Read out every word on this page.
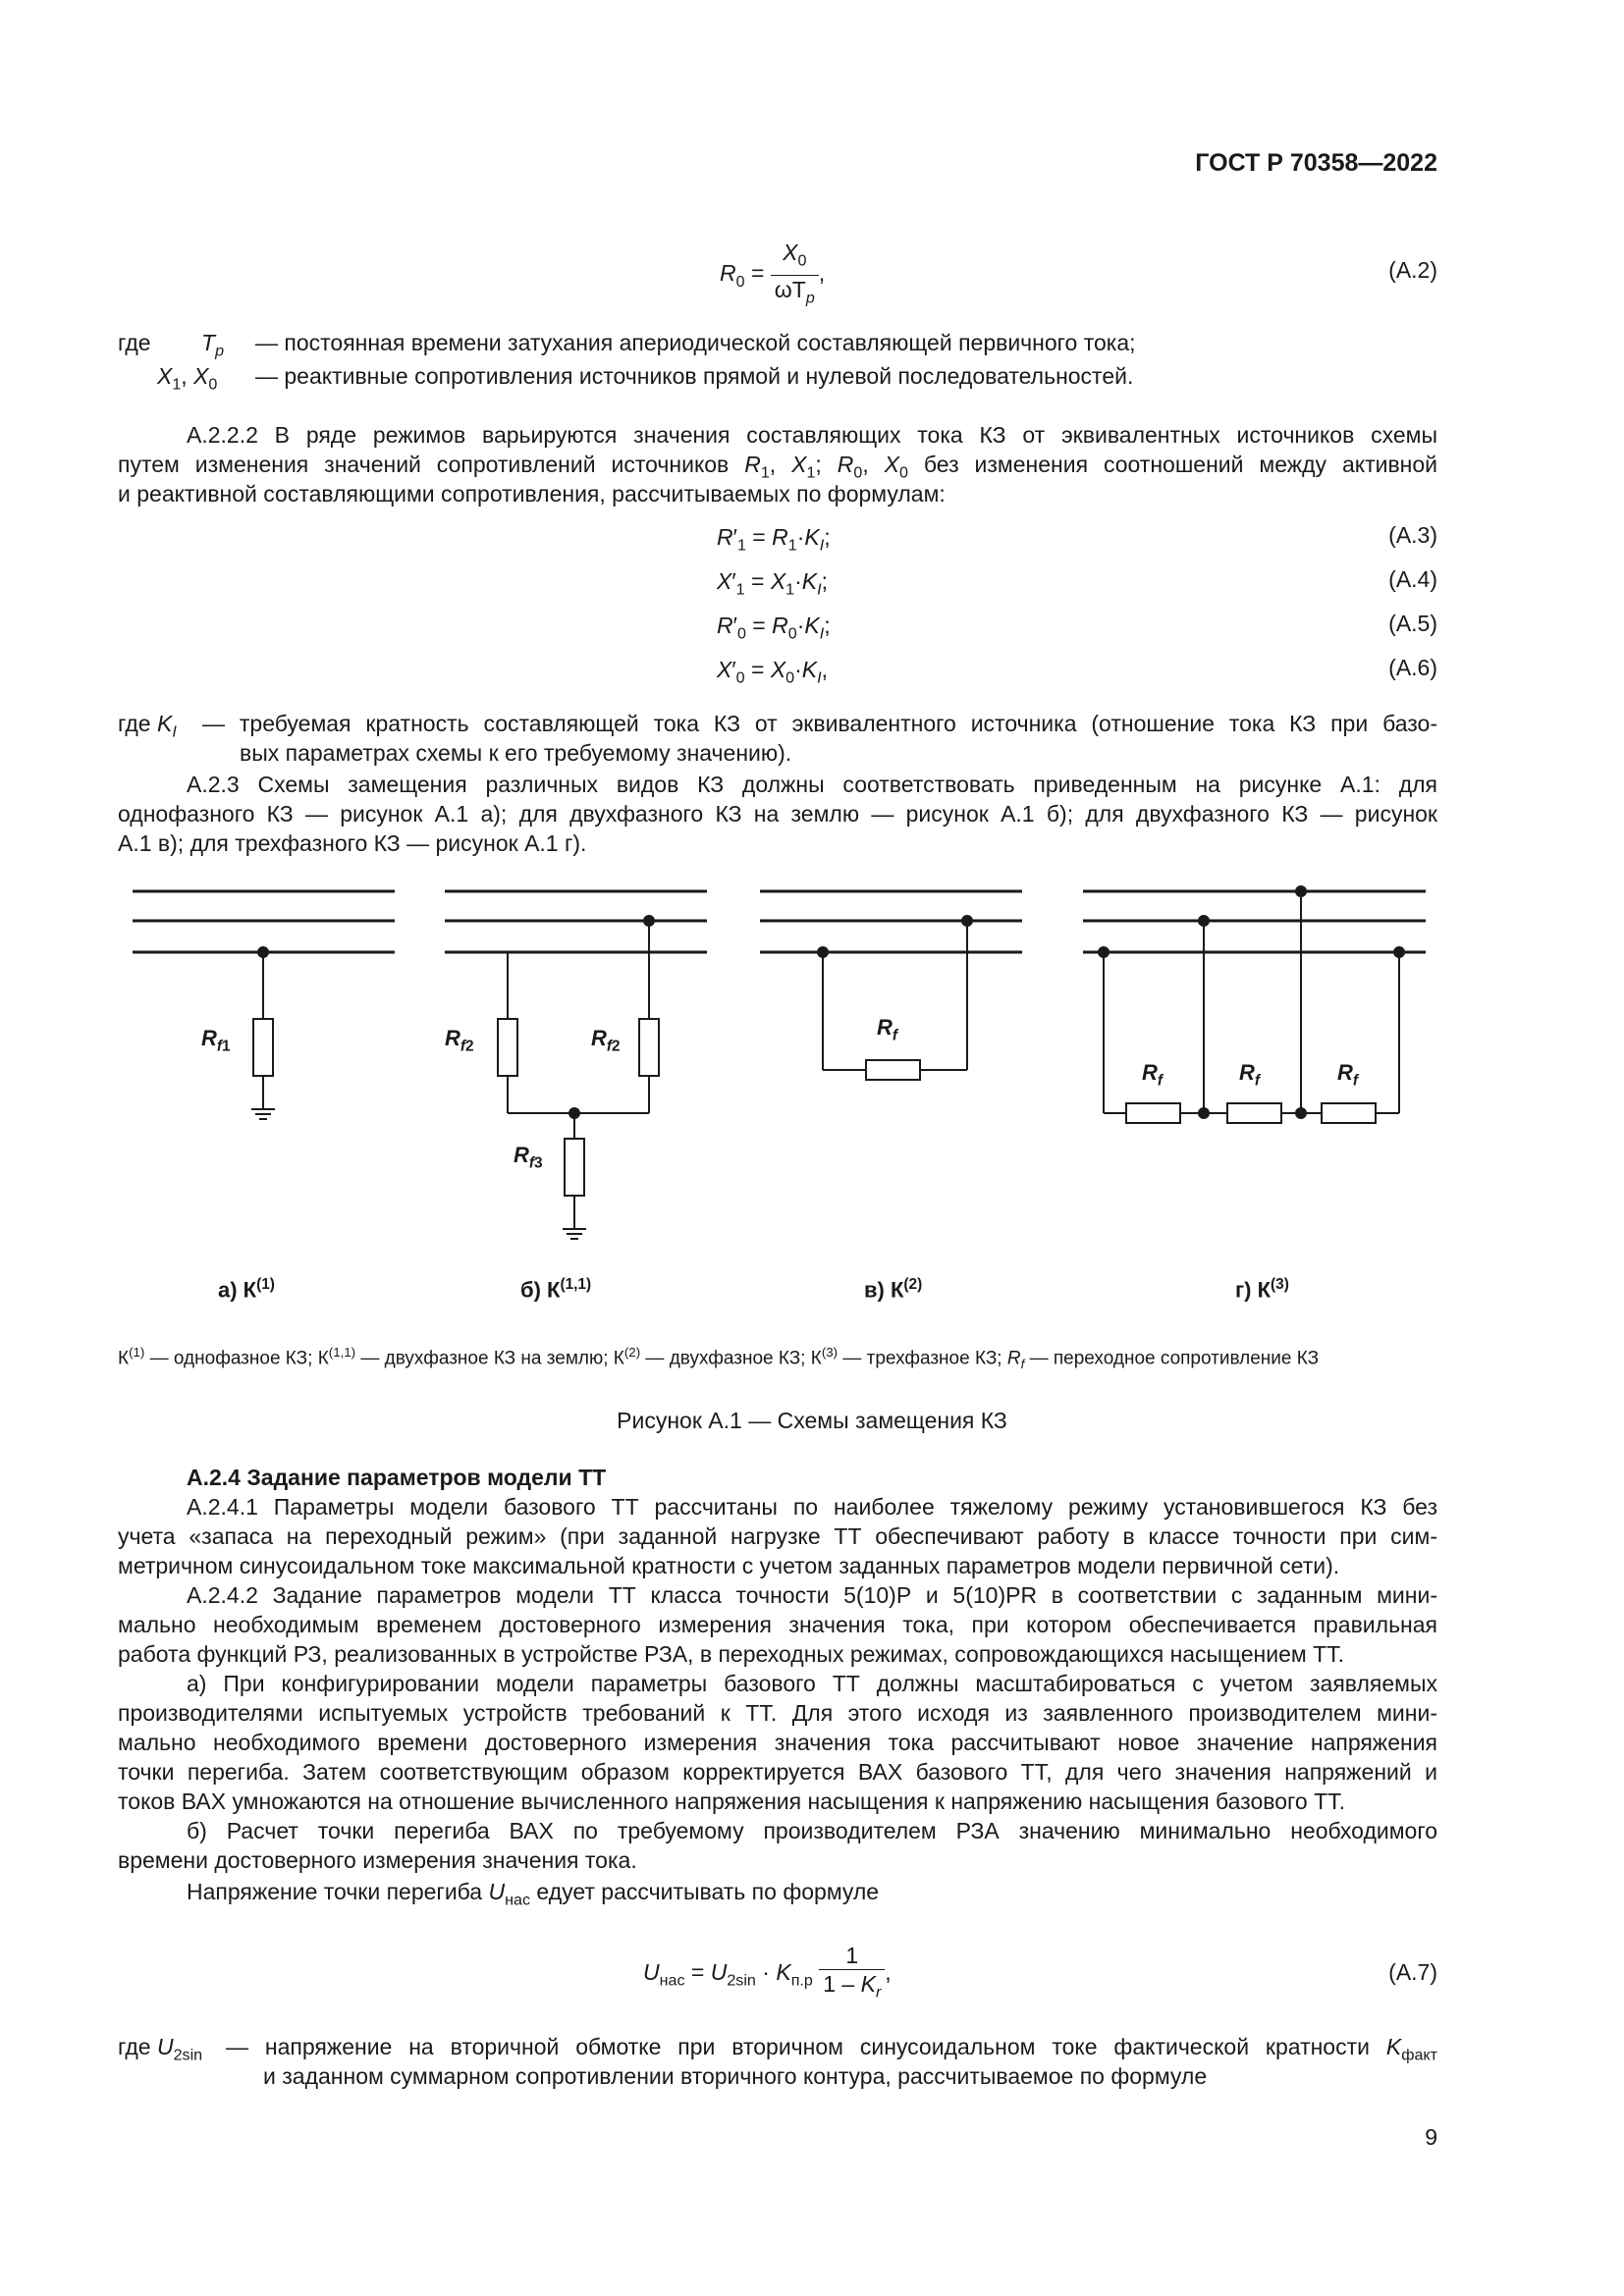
ГОСТ Р 70358—2022
$R_0 = \frac{X_0}{\omega T_p}$ ,	(А.2)
где $T_p$ — постоянная времени затухания апериодической составляющей первичного тока;
$X_1$, $X_0$ — реактивные сопротивления источников прямой и нулевой последовательностей.
А.2.2.2 В ряде режимов варьируются значения составляющих тока КЗ от эквивалентных источников схемы
путем изменения значений сопротивлений источников $R_1$, $X_1$; $R_0$, $X_0$ без изменения соотношений между активной
и реактивной составляющими сопротивления, рассчитываемых по формулам:
$R'_1 = R_1\cdot K_I$;	(А.3)
$X'_1 = X_1\cdot K_I$;	(А.4)
$R'_0 = R_0\cdot K_I$;	(А.5)
$X'_0 = X_0\cdot K_I$,	(А.6)
где $K_I$ — требуемая кратность составляющей тока КЗ от эквивалентного источника (отношение тока КЗ при базо-
вых параметрах схемы к его требуемому значению).
А.2.3 Схемы замещения различных видов КЗ должны соответствовать приведенным на рисунке А.1: для
однофазного КЗ — рисунок А.1 а); для двухфазного КЗ на землю — рисунок А.1 б); для двухфазного КЗ — рисунок
А.1 в); для трехфазного КЗ — рисунок А.1 г).
$R_{f1}$	$R_{f2}$	$R_{f2}$
$R_{f3}$
$R_f$
$R_f$	$R_f$	$R_f$
а) $К^{(1)}$	б) К$^{(1,1)}$	в) $К^{(2)}$	г) $К^{(3)}$
$К^{(1)}$ — однофазное КЗ; К$^{(1,1)}$ — двухфазное КЗ на землю; $К^{(2)}$ — двухфазное КЗ; $К^{(3)}$ — трехфазное КЗ; $R_f$ — переходное сопротивление КЗ
Рисунок А.1 — Схемы замещения КЗ
А.2.4 Задание параметров модели ТТ
А.2.4.1 Параметры модели базового ТТ рассчитаны по наиболее тяжелому режиму установившегося КЗ без
учета «запаса на переходный режим» (при заданной нагрузке ТТ обеспечивают работу в классе точности при сим-
метричном синусоидальном токе максимальной кратности с учетом заданных параметров модели первичной сети).
А.2.4.2 Задание параметров модели ТТ класса точности 5(10)Р и 5(10)PR в соответствии с заданным мини-
мально необходимым временем достоверного измерения значения тока, при котором обеспечивается правильная
работа функций РЗ, реализованных в устройстве РЗА, в переходных режимах, сопровождающихся насыщением ТТ.
а) При конфигурировании модели параметры базового ТТ должны масштабироваться с учетом заявляемых
производителями испытуемых устройств требований к ТТ. Для этого исходя из заявленного производителем мини-
мально необходимого времени достоверного измерения значения тока рассчитывают новое значение напряжения
точки перегиба. Затем соответствующим образом корректируется ВАХ базового ТТ, для чего значения напряжений и
токов ВАХ умножаются на отношение вычисленного напряжения насыщения к напряжению насыщения базового ТТ.
б) Расчет точки перегиба ВАХ по требуемому производителем РЗА значению минимально необходимого
времени достоверного измерения значения тока.
Напряжение точки перегиба $U_{нас}$ едует рассчитывать по формуле
$U_{нас} = U_{2sin} \cdot K_{п.р} \frac{1}{1 - K_r}$ ,	(А.7)
где $U_{2sin}$ — напряжение на вторичной обмотке при вторичном синусоидальном токе фактической кратности $K_{факт}$
и заданном суммарном сопротивлении вторичного контура, рассчитываемое по формуле
9
